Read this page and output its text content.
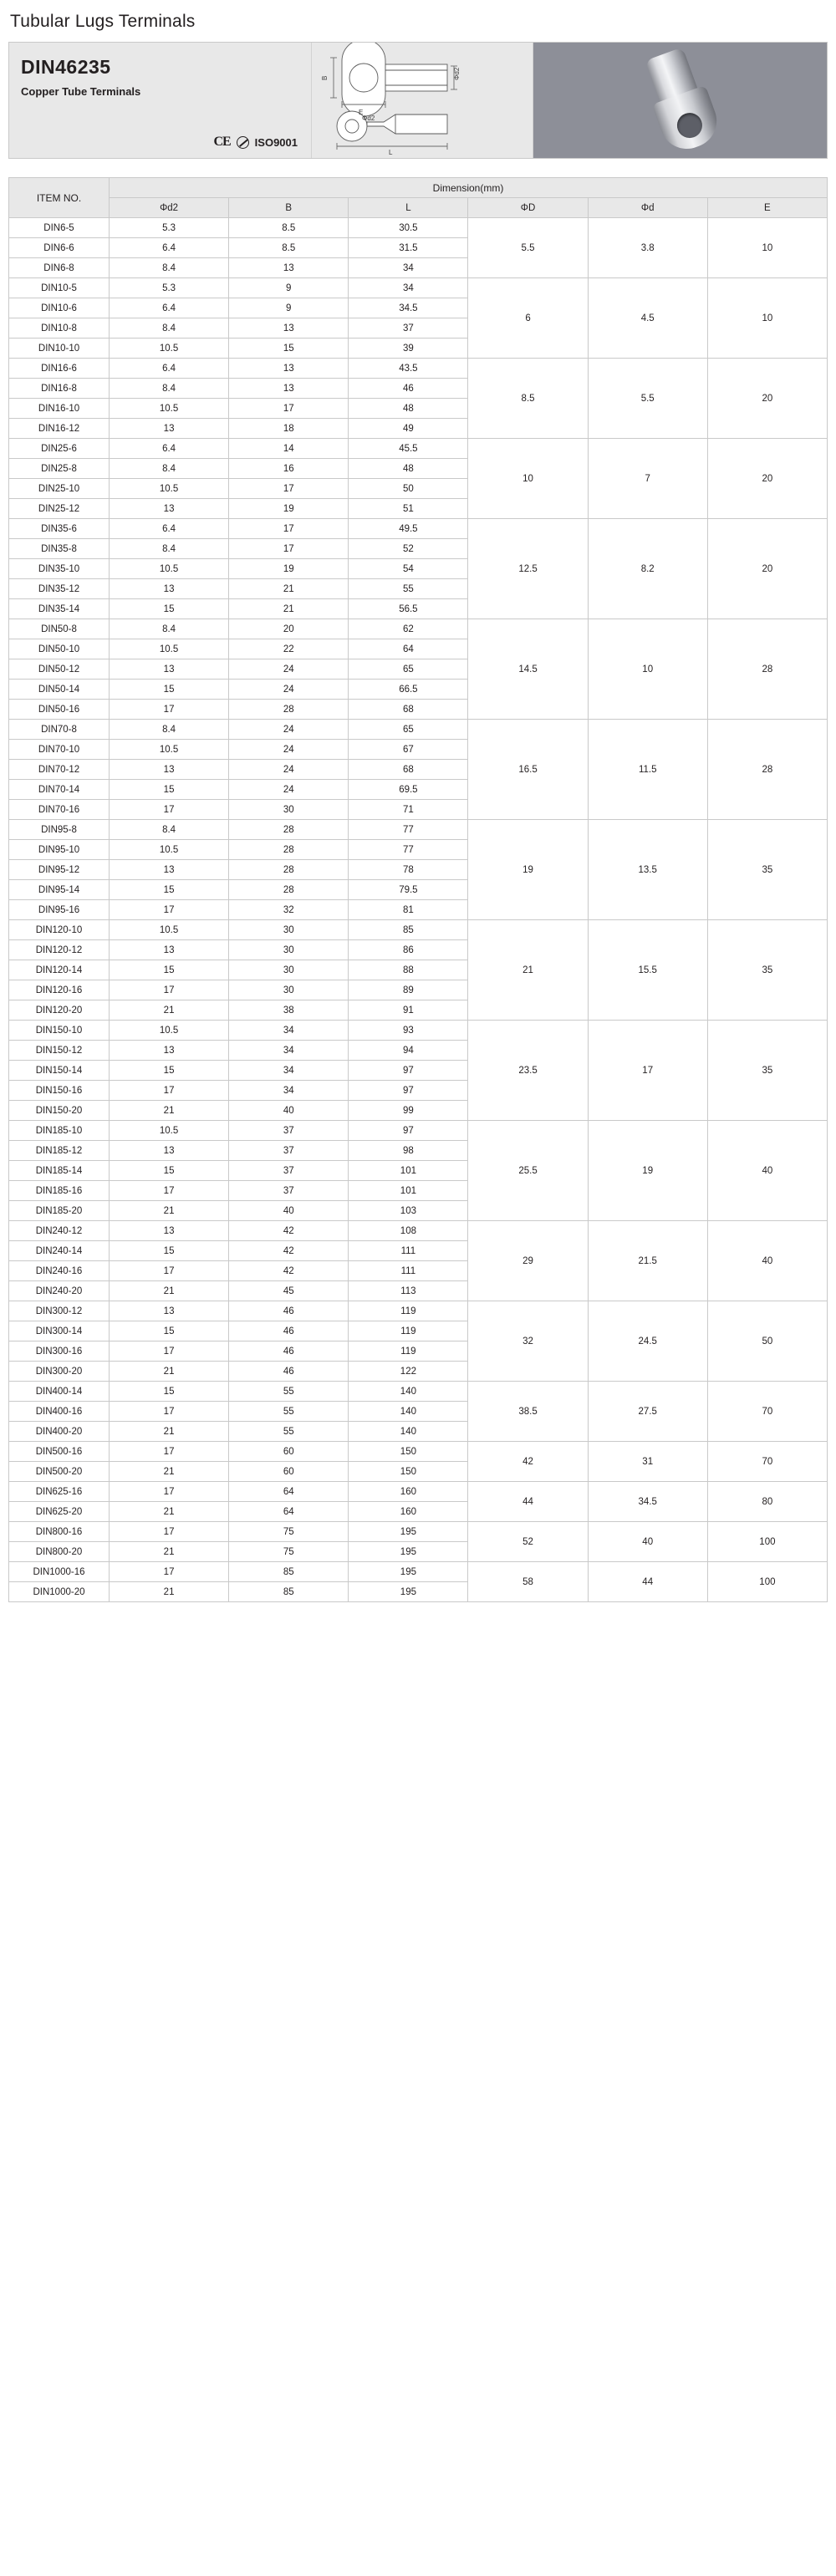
Tubular Lugs Terminals
DIN46235
Copper Tube Terminals
CE ISO9001
B	Φd2
E
Φd2
L
ITEM NO.	Dimension(mm)					
	Φd2	B	L	ΦD	Φd	E
DIN6-5	5.3	8.5	30.5	5.5	3.8	10
DIN6-6	6.4	8.5	31.5			
DIN6-8	8.4	13	34			
DIN10-5	5.3	9	34	6	4.5	10
DIN10-6	6.4	9	34.5			
DIN10-8	8.4	13	37			
DIN10-10	10.5	15	39			
DIN16-6	6.4	13	43.5	8.5	5.5	20
DIN16-8	8.4	13	46			
DIN16-10	10.5	17	48			
DIN16-12	13	18	49			
DIN25-6	6.4	14	45.5	10	7	20
DIN25-8	8.4	16	48			
DIN25-10	10.5	17	50			
DIN25-12	13	19	51			
DIN35-6	6.4	17	49.5	12.5	8.2	20
DIN35-8	8.4	17	52			
DIN35-10	10.5	19	54			
DIN35-12	13	21	55			
DIN35-14	15	21	56.5			
DIN50-8	8.4	20	62	14.5	10	28
DIN50-10	10.5	22	64			
DIN50-12	13	24	65			
DIN50-14	15	24	66.5			
DIN50-16	17	28	68			
DIN70-8	8.4	24	65	16.5	11.5	28
DIN70-10	10.5	24	67			
DIN70-12	13	24	68			
DIN70-14	15	24	69.5			
DIN70-16	17	30	71			
DIN95-8	8.4	28	77	19	13.5	35
DIN95-10	10.5	28	77			
DIN95-12	13	28	78			
DIN95-14	15	28	79.5			
DIN95-16	17	32	81			
DIN120-10	10.5	30	85	21	15.5	35
DIN120-12	13	30	86			
DIN120-14	15	30	88			
DIN120-16	17	30	89			
DIN120-20	21	38	91			
DIN150-10	10.5	34	93	23.5	17	35
DIN150-12	13	34	94			
DIN150-14	15	34	97			
DIN150-16	17	34	97			
DIN150-20	21	40	99			
DIN185-10	10.5	37	97	25.5	19	40
DIN185-12	13	37	98			
DIN185-14	15	37	101			
DIN185-16	17	37	101			
DIN185-20	21	40	103			
DIN240-12	13	42	108	29	21.5	40
DIN240-14	15	42	111			
DIN240-16	17	42	111			
DIN240-20	21	45	113			
DIN300-12	13	46	119	32	24.5	50
DIN300-14	15	46	119			
DIN300-16	17	46	119			
DIN300-20	21	46	122			
DIN400-14	15	55	140	38.5	27.5	70
DIN400-16	17	55	140			
DIN400-20	21	55	140			
DIN500-16	17	60	150	42	31	70
DIN500-20	21	60	150			
DIN625-16	17	64	160	44	34.5	80
DIN625-20	21	64	160			
DIN800-16	17	75	195	52	40	100
DIN800-20	21	75	195			
DIN1000-16	17	85	195	58	44	100
DIN1000-20	21	85	195			
